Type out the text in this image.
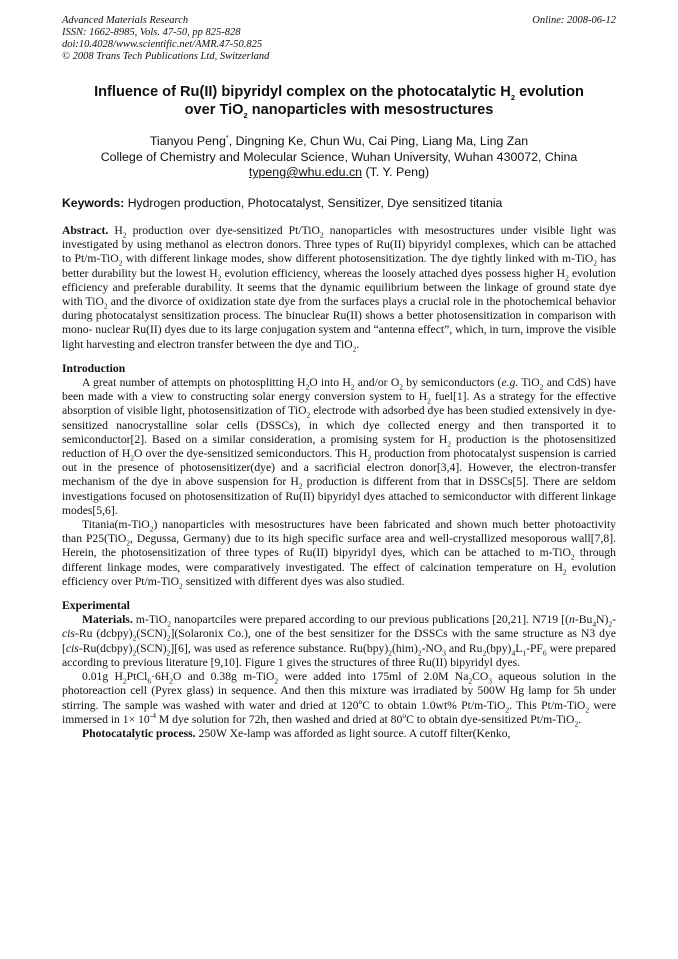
Advanced Materials Research
ISSN: 1662-8985, Vols. 47-50, pp 825-828
doi:10.4028/www.scientific.net/AMR.47-50.825
© 2008 Trans Tech Publications Ltd, Switzerland
Online: 2008-06-12
Influence of Ru(II) bipyridyl complex on the photocatalytic $H_2$ evolution
over TiO$_2$ nanoparticles with mesostructures
Tianyou Peng*, Dingning Ke, Chun Wu, Cai Ping, Liang Ma, Ling Zan
College of Chemistry and Molecular Science, Wuhan University, Wuhan 430072, China
typeng@whu.edu.cn (T. Y. Peng)
Keywords: Hydrogen production, Photocatalyst, Sensitizer, Dye sensitized titania

Abstract. $H_2$ production over dye-sensitized Pt/TiO$_2$ nanoparticles with mesostructures under visible light was investigated by using methanol as electron donors. Three types of Ru(II) bipyridyl complexes, which can be attached to Pt/m-TiO$_2$ with different linkage modes, show different photosensitization. The dye tightly linked with m-TiO$_2$ has better durability but the lowest $H_2$ evolution efficiency, whereas the loosely attached dyes possess higher $H_2$ evolution efficiency and preferable durability. It seems that the dynamic equilibrium between the linkage of ground state dye with TiO$_2$ and the divorce of oxidization state dye from the surfaces plays a crucial role in the photochemical behavior during photocatalyst sensitization process. The binuclear Ru(II) shows a better photosensitization in comparison with mono- nuclear Ru(II) dyes due to its large conjugation system and “antenna effect”, which, in turn, improve the visible light harvesting and electron transfer between the dye and TiO$_2$.

Introduction

A great number of attempts on photosplitting $H_2O$ into $H_2$ and/or $O_2$ by semiconductors (e.g. TiO$_2$ and CdS) have been made with a view to constructing solar energy conversion system to $H_2$ fuel[1]. As a strategy for the effective absorption of visible light, photosensitization of TiO$_2$ electrode with adsorbed dye has been studied extensively in dye- sensitized nanocrystalline solar cells (DSSCs), in which dye collected energy and then transported it to semiconductor[2]. Based on a similar consideration, a promising system for $H_2$ production is the photosensitized reduction of $H_2O$ over the dye-sensitized semiconductors. This $H_2$ production from photocatalyst suspension is carried out in the presence of photosensitizer(dye) and a sacrificial electron donor[3,4]. However, the electron-transfer mechanism of the dye in above suspension for $H_2$ production is different from that in DSSCs[5]. There are seldom investigations focused on photosensitization of Ru(II) bipyridyl dyes attached to semiconductor with different linkage modes[5,6].

Titania(m-TiO$_2$) nanoparticles with mesostructures have been fabricated and shown much better photoactivity than P25(TiO$_2$, Degussa, Germany) due to its high specific surface area and well-crystallized mesoporous wall[7,8]. Herein, the photosensitization of three types of Ru(II) bipyridyl dyes, which can be attached to m-TiO$_2$ through different linkage modes, were comparatively investigated. The effect of calcination temperature on $H_2$ evolution efficiency over Pt/m-TiO$_2$ sensitized with different dyes was also studied.

Experimental

Materials. m-TiO$_2$ nanopartciles were prepared according to our previous publications [20,21]. N719 [$(n-Bu_4N)_2-cis-Ru$ $(dcbpy)_2(SCN)_2](Solaronix$ Co.), one of the best sensitizer for the DSSCs with the same structure as N3 dye $[cis-Ru(dcbpy)_2(SCN)_2][6]$, was used as reference substance. $Ru(bpy)_2(him)_2-NO_3$ and $Ru_2(bpy)_4L_1-PF_6$ were prepared according to previous literature [9,10]. Figure 1 gives the structures of three Ru(II) bipyridyl dyes.

0.01g $H_2PtCl_6\cdot 6H_2O$ and 0.38g m-TiO$_2$ were added into 175ml of 2.0M $Na_2CO_3$ aqueous solution in the photoreaction cell (Pyrex glass) in sequence. And then this mixture was irradiated by 500W Hg lamp for 5h under stirring. The sample was washed with water and dried at 120$^o$C to obtain 1.0wt% Pt/m-TiO$_2$. This Pt/m-TiO$_2$ were immersed in $1\times 10^{-4}$ M dye solution for 72h, then washed and dried at 80$^o$C to obtain dye-sensitized Pt/m-TiO$_2$.

Photocatalytic process. 250W Xe-lamp was afforded as light source. A cutoff filter(Kenko,
